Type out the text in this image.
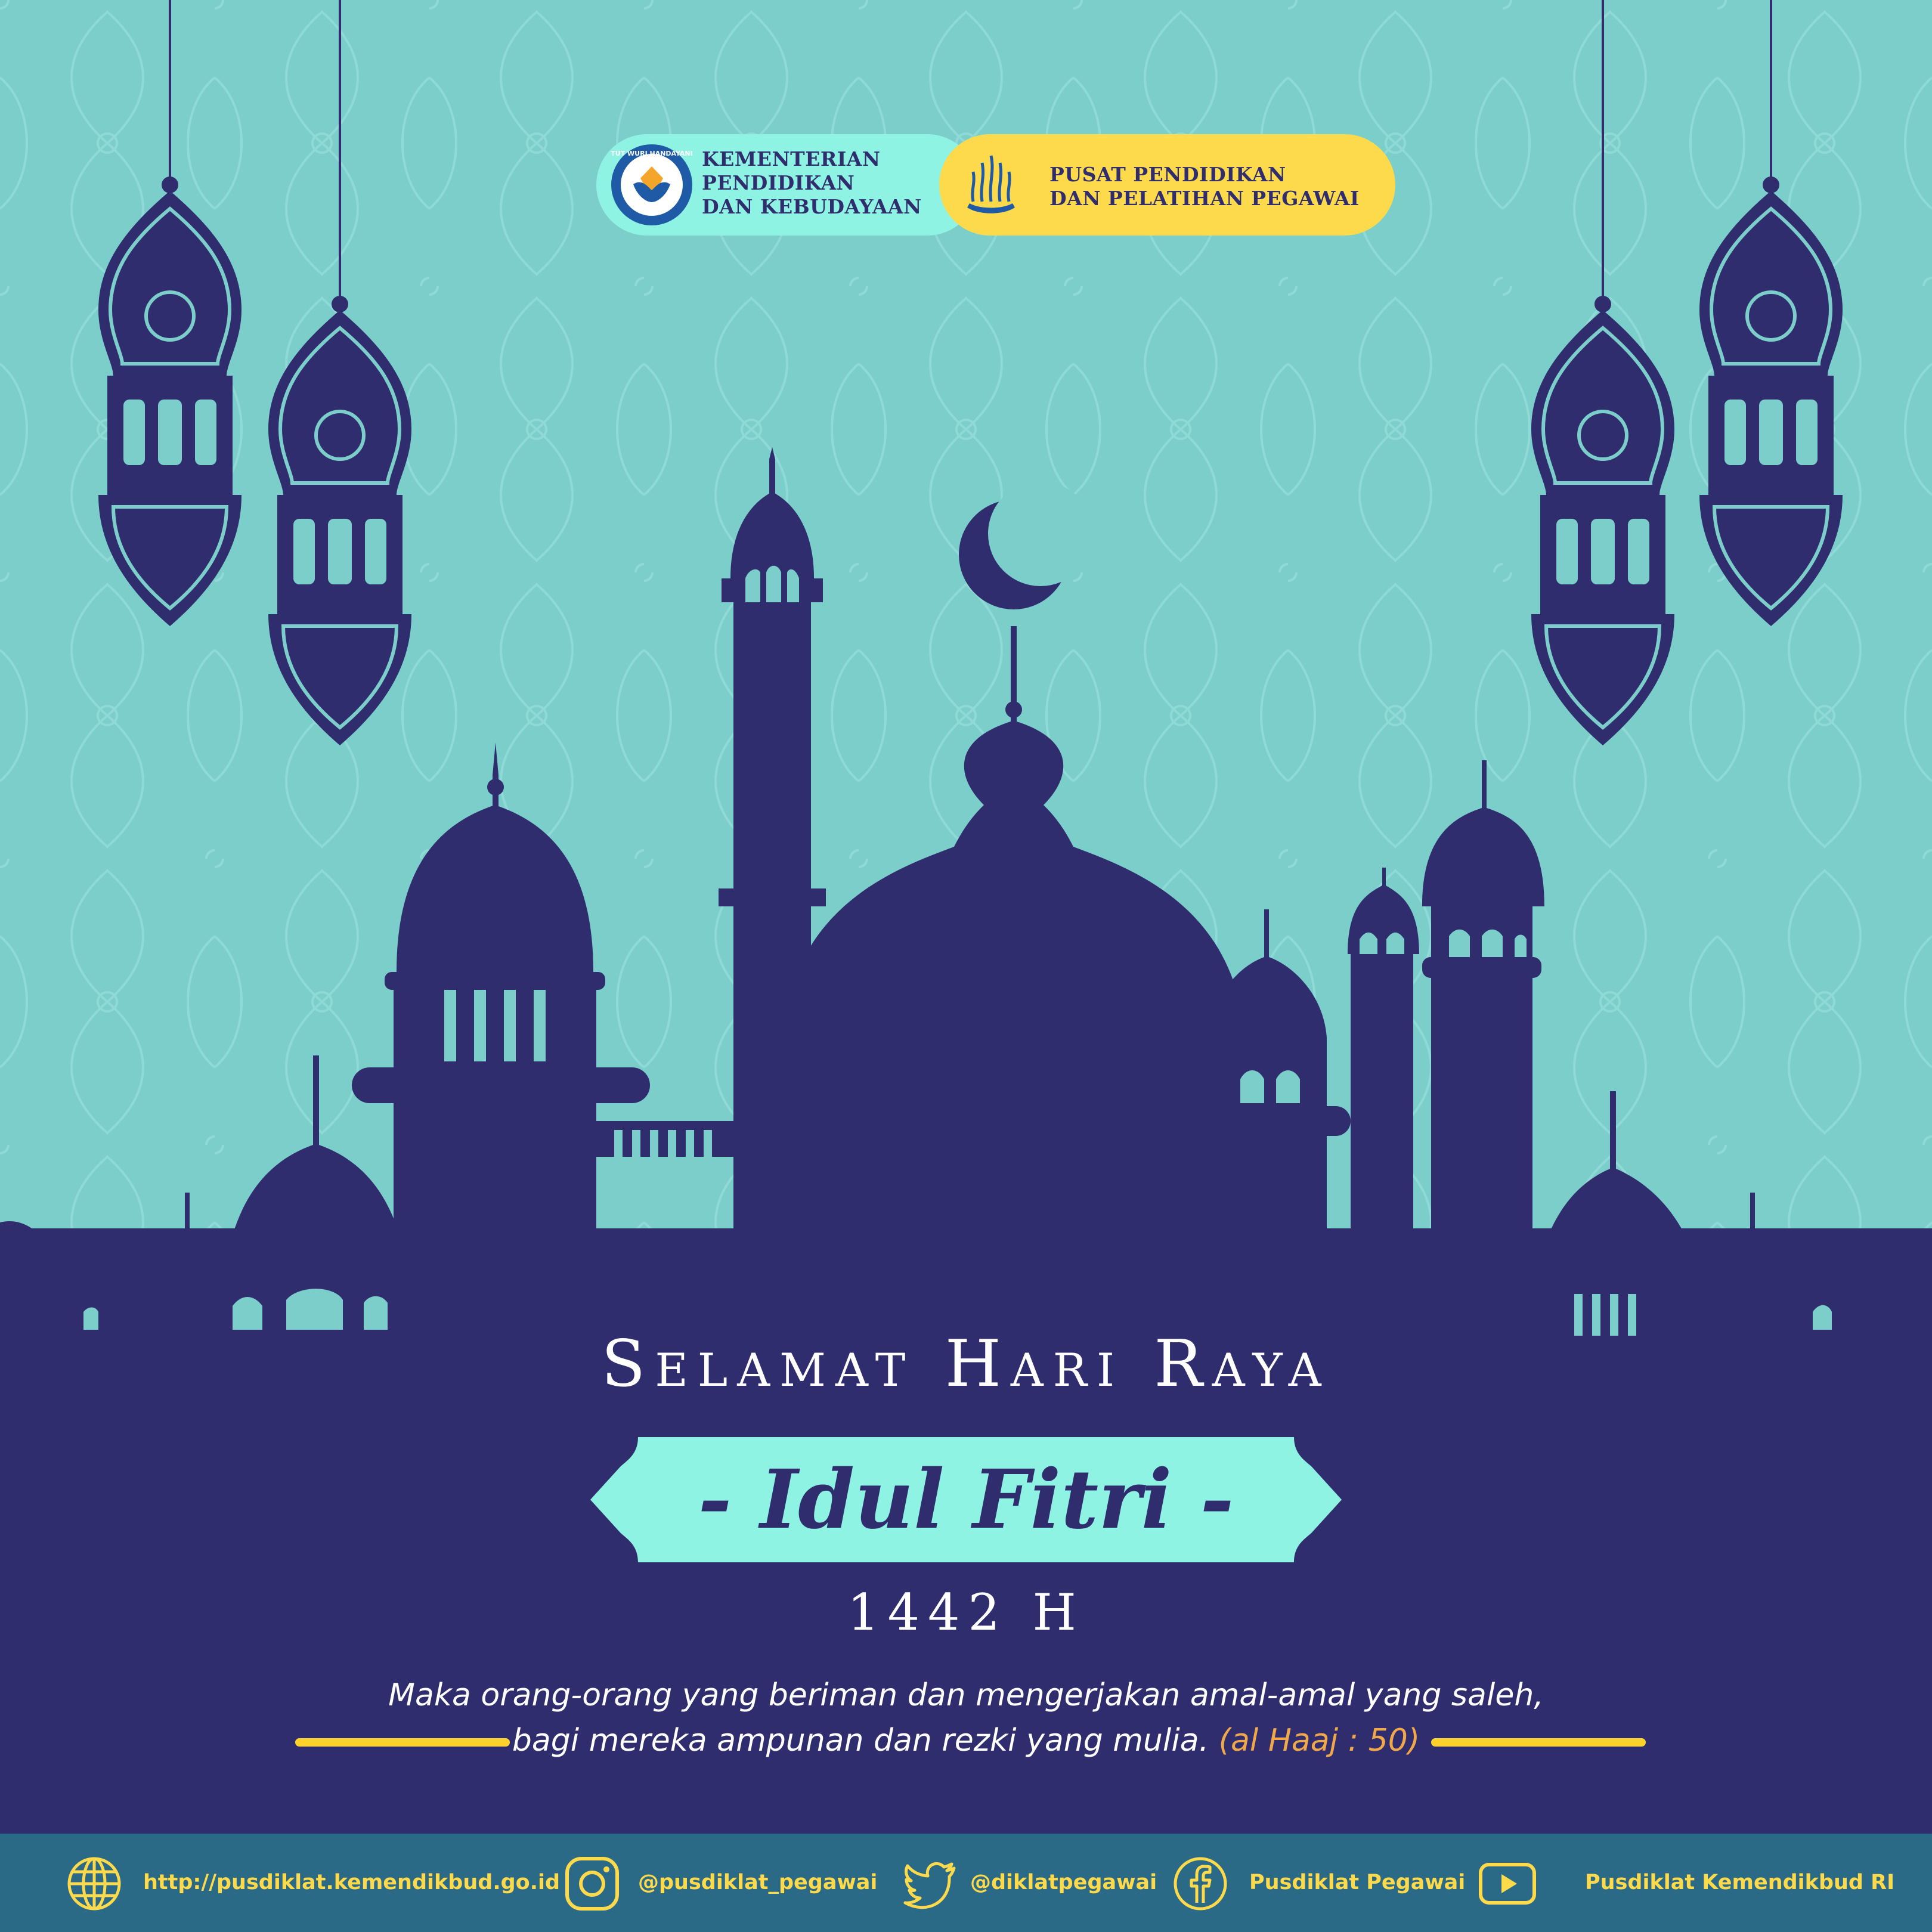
TUT WURI HANDAYANI KEMENTERIAN
PENDIDIKAN
DAN KEBUDAYAAN
PUSAT PENDIDIKAN
DAN PELATIHAN PEGAWAI
Selamat Hari Raya
- Idul Fitri -
1442 H
Maka orang-orang yang beriman dan mengerjakan amal-amal yang saleh,
bagi mereka ampunan dan rezki yang mulia. (al Haaj : 50)
http://pusdiklat.kemendikbud.go.id	@pusdiklat_pegawai	@diklatpegawai	Pusdiklat Pegawai	Pusdiklat Kemendikbud RI
